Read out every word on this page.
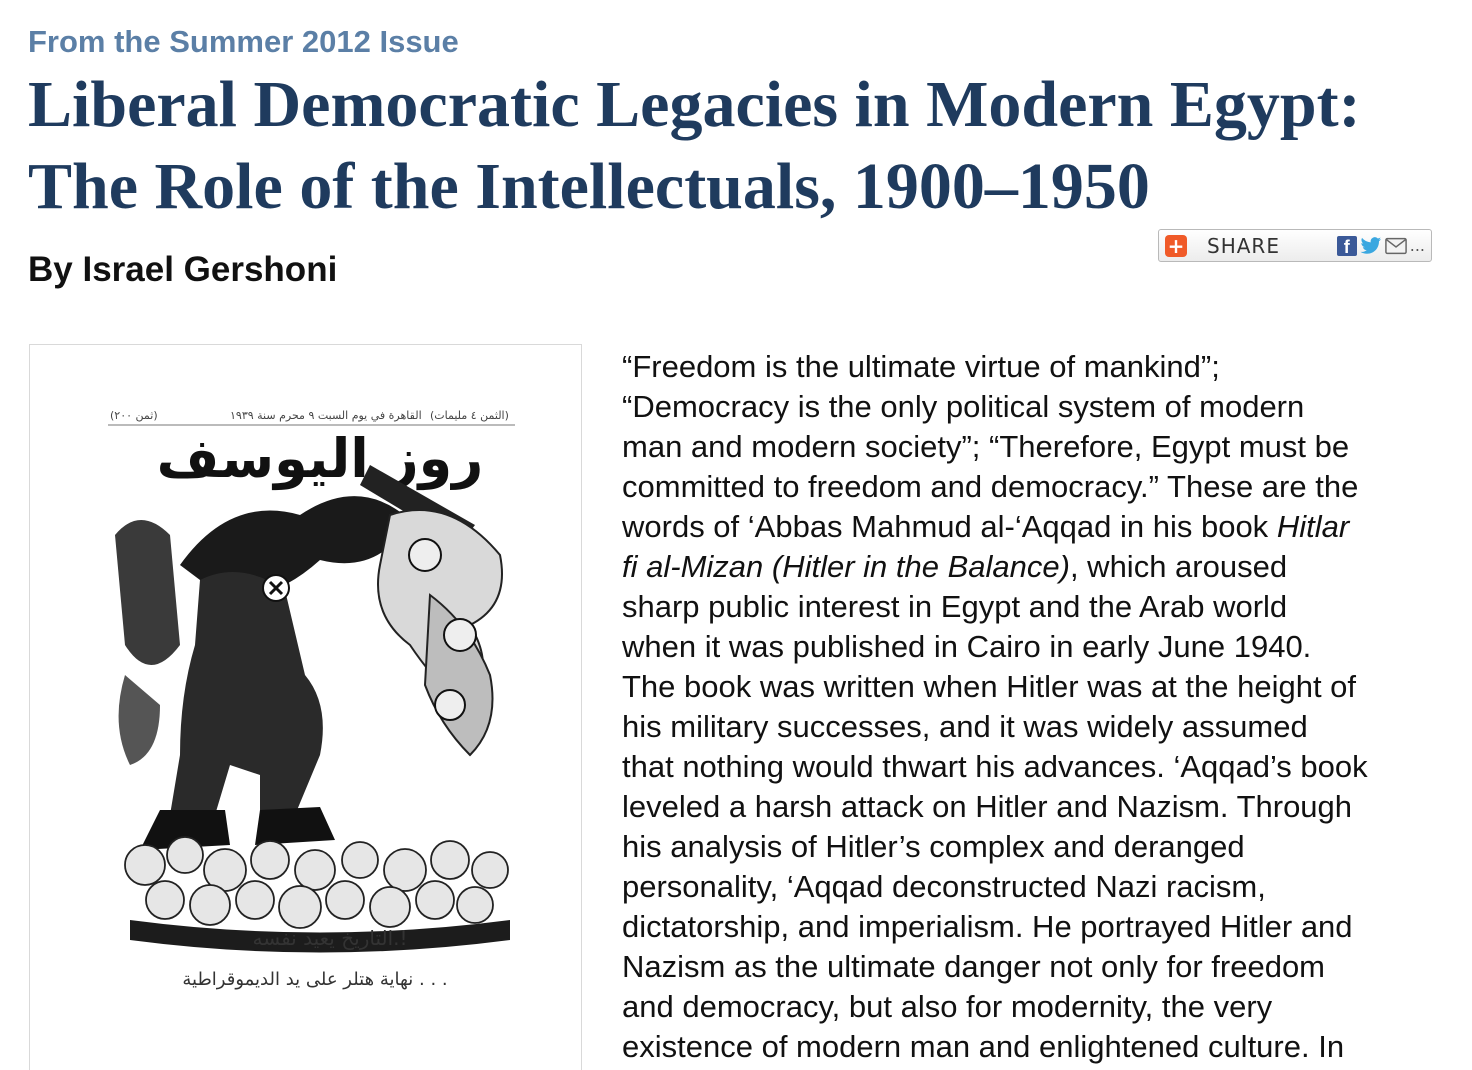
From the Summer 2012 Issue
Liberal Democratic Legacies in Modern Egypt:
The Role of the Intellectuals, 1900–1950
By Israel Gershoni
+ SHARE	f	...
(ثمن ٢٠٠)	القاهرة في يوم السبت ٩ محرم سنة ١٩٣٩ (الثمن ٤ مليمات)
روز اليوسف
التاريخ يعيد نفسه.!
نهاية هتلر على يد الديموقراطية . . .
“Freedom is the ultimate virtue of mankind”;
“Democracy is the only political system of modern
man and modern society”; “Therefore, Egypt must be
committed to freedom and democracy.” These are the
words of ‘Abbas Mahmud al-‘Aqqad in his book Hitlar
fi al-Mizan (Hitler in the Balance), which aroused
sharp public interest in Egypt and the Arab world
when it was published in Cairo in early June 1940.
The book was written when Hitler was at the height of
his military successes, and it was widely assumed
that nothing would thwart his advances. ‘Aqqad’s book
leveled a harsh attack on Hitler and Nazism. Through
his analysis of Hitler’s complex and deranged
personality, ‘Aqqad deconstructed Nazi racism,
dictatorship, and imperialism. He portrayed Hitler and
Nazism as the ultimate danger not only for freedom
and democracy, but also for modernity, the very
existence of modern man and enlightened culture. In
